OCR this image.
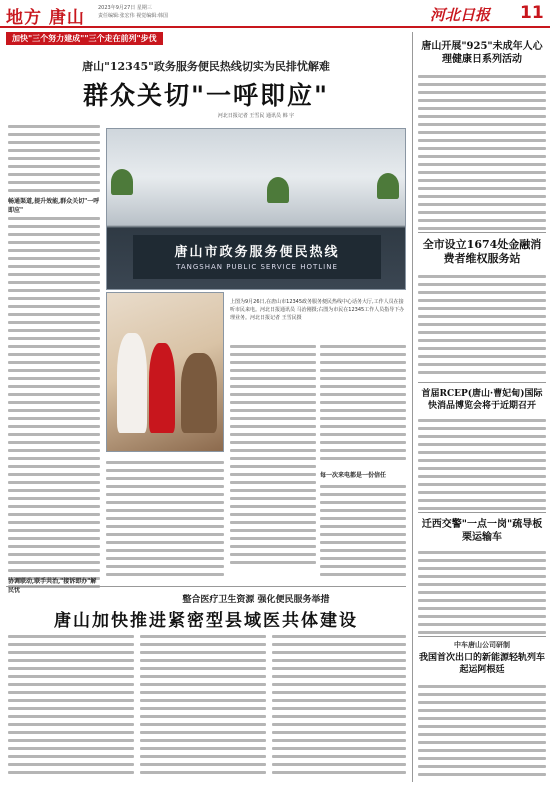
地方 唐山	2023年9月27日 星期三
责任编辑:张宏伟 视觉编辑:韩国	河北日报 11
加快"三个努力建成""三个走在前列"步伐
唐山"12345"政务服务便民热线切实为民排忧解难
群众关切"一呼即应"
河北日报记者 王雪民 通讯员 韩 宇
畅通渠道,提升效能,群众关切"一呼即应"
唐山市政务服务便民热线
TANGSHAN PUBLIC SERVICE HOTLINE
上图为9月26日,在唐山市12345政务服务便民热线中心话务大厅,工作人员在接听市民来电。河北日报通讯员 马治刚摄;右图为市民在12345工作人员指导下办理业务。河北日报记者 王雪民摄
每一次来电都是一份信任
协调联动,联手共治,"接诉即办"解民忧
整合医疗卫生资源 强化便民服务举措
唐山加快推进紧密型县域医共体建设
唐山开展"925"未成年人心理健康日系列活动
全市设立1674处金融消费者维权服务站
首届RCEP(唐山·曹妃甸)国际快消品博览会将于近期召开
迁西交警"一点一岗"疏导板栗运输车
中车唐山公司研制
我国首次出口的新能源轻轨列车起运阿根廷
